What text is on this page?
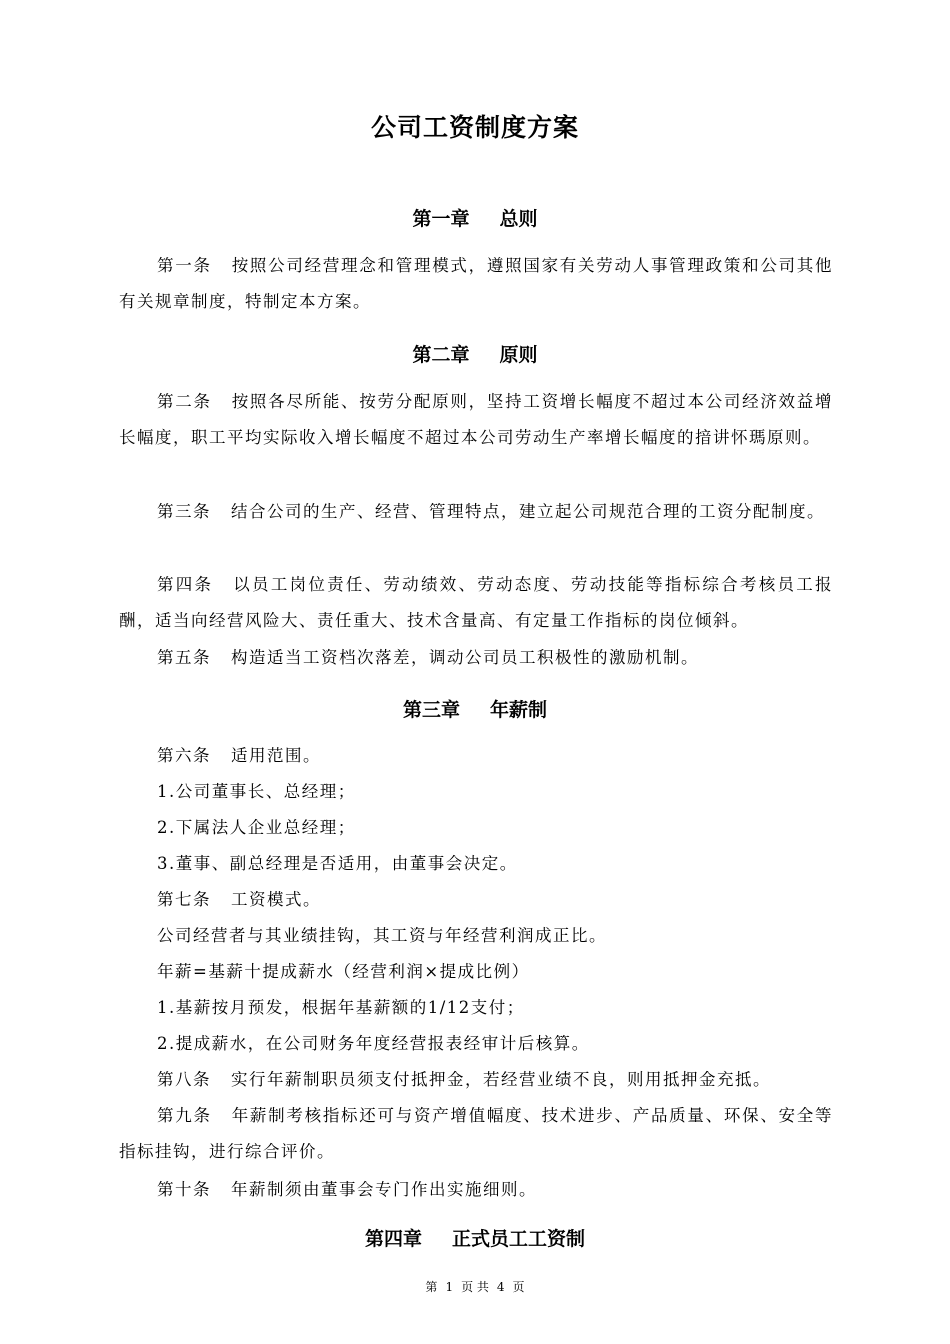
公司工资制度方案
第一章 总则
第一条 按照公司经营理念和管理模式，遵照国家有关劳动人事管理政策和公司其他有关规章制度，特制定本方案。
第二章 原则
第二条 按照各尽所能、按劳分配原则，坚持工资增长幅度不超过本公司经济效益增长幅度，职工平均实际收入增长幅度不超过本公司劳动生产率增长幅度的揞讲怀瑪原则。
第三条 结合公司的生产、经营、管理特点，建立起公司规范合理的工资分配制度。
第四条 以员工岗位责任、劳动绩效、劳动态度、劳动技能等指标综合考核员工报酬，适当向经营风险大、责任重大、技术含量高、有定量工作指标的岗位倾斜。
第五条 构造适当工资档次落差，调动公司员工积极性的激励机制。
第三章 年薪制
第六条 适用范围。
1.公司董事长、总经理；
2.下属法人企业总经理；
3.董事、副总经理是否适用，由董事会决定。
第七条 工资模式。
公司经营者与其业绩挂钩，其工资与年经营利润成正比。
年薪=基薪十提成薪水（经营利润×提成比例）
1.基薪按月预发，根据年基薪额的1/12支付；
2.提成薪水，在公司财务年度经营报表经审计后核算。
第八条 实行年薪制职员须支付抵押金，若经营业绩不良，则用抵押金充抵。
第九条 年薪制考核指标还可与资产增值幅度、技术进步、产品质量、环保、安全等指标挂钩，进行综合评价。
第十条 年薪制须由董事会专门作出实施细则。
第四章 正式员工工资制
第 1 页 共 4 页
